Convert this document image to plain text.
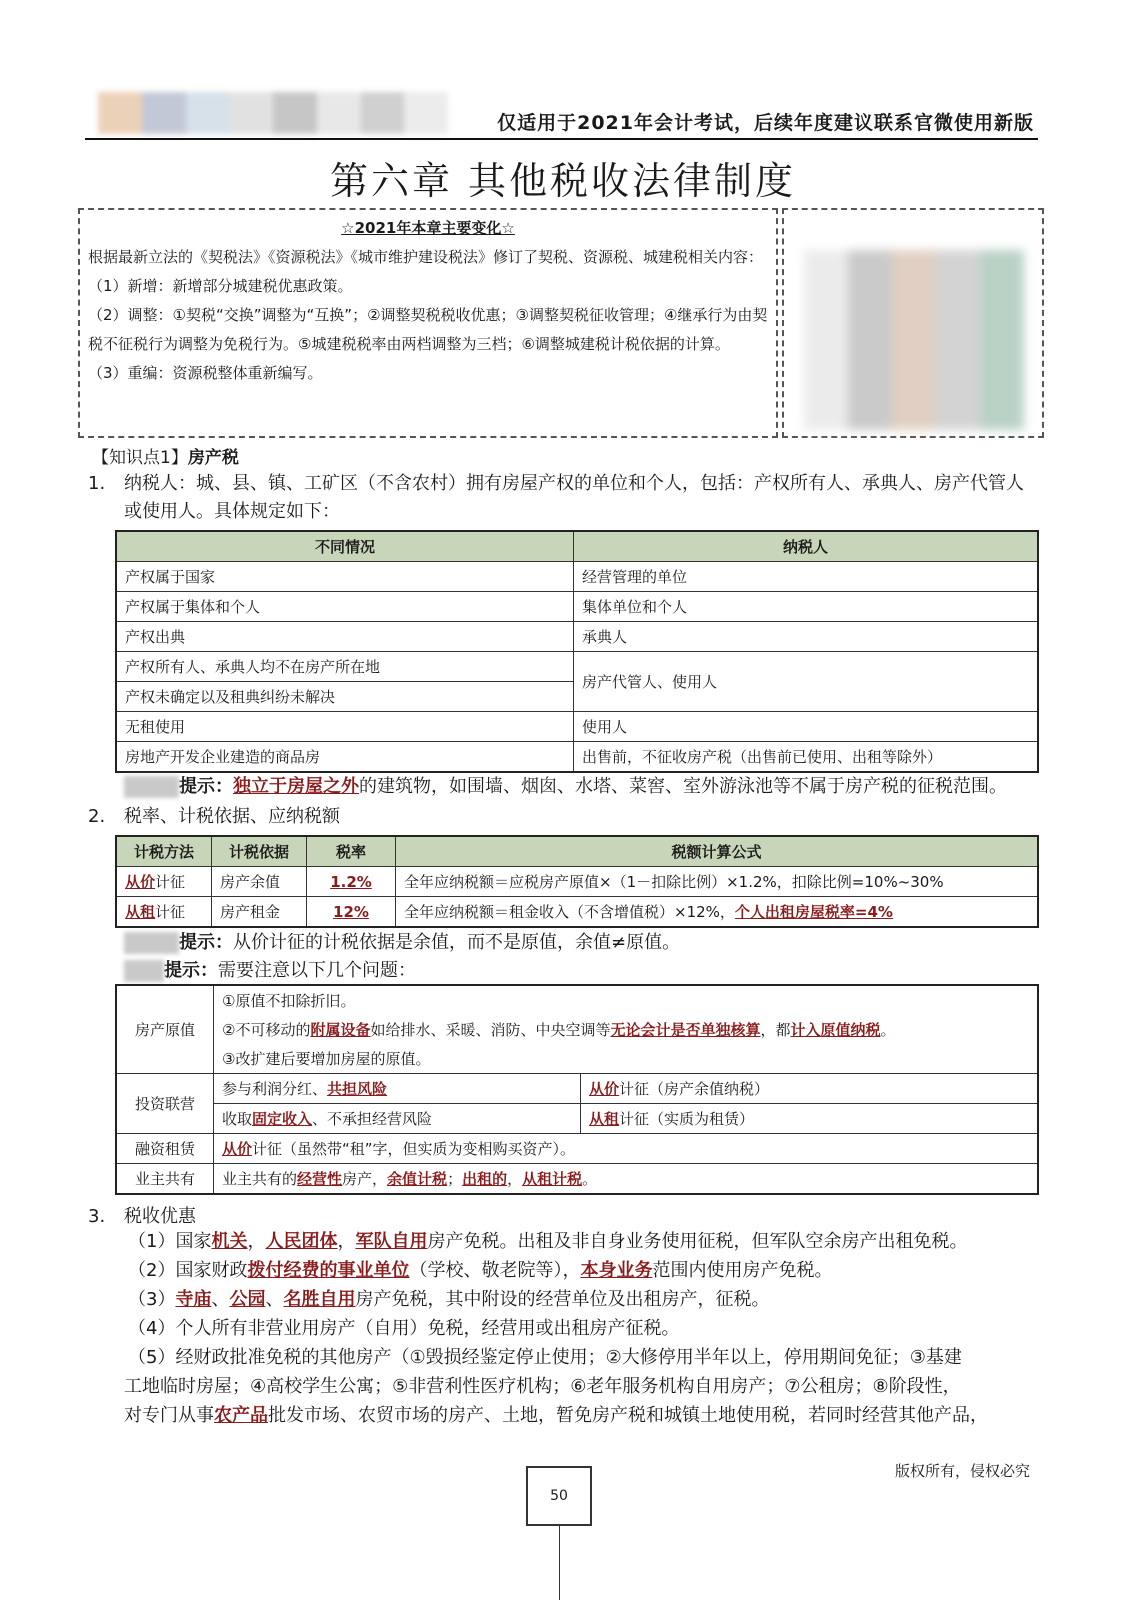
仅适用于2021年会计考试，后续年度建议联系官微使用新版
第六章 其他税收法律制度
☆2021年本章主要变化☆
根据最新立法的《契税法》《资源税法》《城市维护建设税法》修订了契税、资源税、城建税相关内容：
（1）新增：新增部分城建税优惠政策。
（2）调整：①契税“交换”调整为“互换”；②调整契税税收优惠；③调整契税征收管理；④继承行为由契税不征税行为调整为免税行为。⑤城建税税率由两档调整为三档；⑥调整城建税计税依据的计算。
（3）重编：资源税整体重新编写。
【知识点1】房产税
1. 纳税人：城、县、镇、工矿区（不含农村）拥有房屋产权的单位和个人，包括：产权所有人、承典人、房产代管人或使用人。具体规定如下：
不同情况	纳税人
产权属于国家	经营管理的单位
产权属于集体和个人	集体单位和个人
产权出典	承典人
产权所有人、承典人均不在房产所在地	房产代管人、使用人
产权未确定以及租典纠纷未解决	
无租使用	使用人
房地产开发企业建造的商品房	出售前，不征收房产税（出售前已使用、出租等除外）
提示：独立于房屋之外的建筑物，如围墙、烟囱、水塔、菜窖、室外游泳池等不属于房产税的征税范围。
2. 税率、计税依据、应纳税额
计税方法	计税依据	税率	税额计算公式
从价计征	房产余值	1.2%	全年应纳税额＝应税房产原值×（1－扣除比例）×1.2%，扣除比例=10%~30%
从租计征	房产租金	12%	全年应纳税额＝租金收入（不含增值税）×12%，个人出租房屋税率=4%
提示：从价计征的计税依据是余值，而不是原值，余值≠原值。
提示：需要注意以下几个问题：
房产原值	①原值不扣除折旧。	
	②不可移动的附属设备如给排水、采暖、消防、中央空调等无论会计是否单独核算，都计入原值纳税。	
	③改扩建后要增加房屋的原值。	
投资联营	参与利润分红、共担风险	从价计征（房产余值纳税）
	收取固定收入、不承担经营风险	从租计征（实质为租赁）
融资租赁	从价计征（虽然带“租”字，但实质为变相购买资产）。	
业主共有	业主共有的经营性房产，余值计税；出租的，从租计税。	
3. 税收优惠
（1）国家机关，人民团体，军队自用房产免税。出租及非自身业务使用征税，但军队空余房产出租免税。
（2）国家财政拨付经费的事业单位（学校、敬老院等），本身业务范围内使用房产免税。
（3）寺庙、公园、名胜自用房产免税，其中附设的经营单位及出租房产，征税。
（4）个人所有非营业用房产（自用）免税，经营用或出租房产征税。
（5）经财政批准免税的其他房产（①毁损经鉴定停止使用；②大修停用半年以上，停用期间免征；③基建
工地临时房屋；④高校学生公寓；⑤非营利性医疗机构；⑥老年服务机构自用房产；⑦公租房；⑧阶段性，
对专门从事农产品批发市场、农贸市场的房产、土地，暂免房产税和城镇土地使用税，若同时经营其他产品，
版权所有，侵权必究
50
